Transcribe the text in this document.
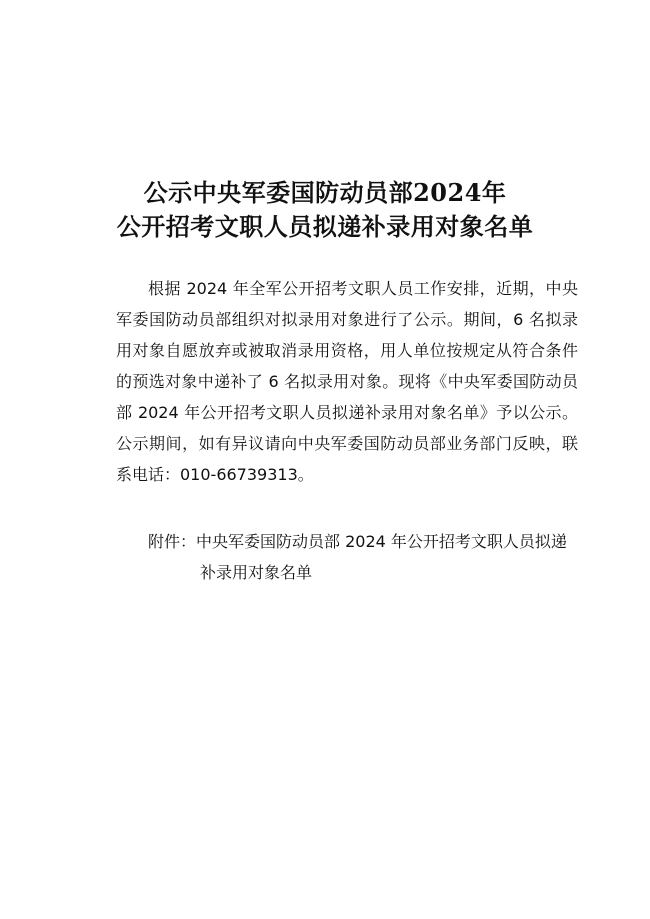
公示中央军委国防动员部2024年
公开招考文职人员拟递补录用对象名单

根据 2024 年全军公开招考文职人员工作安排，近期，中央军委国防动员部组织对拟录用对象进行了公示。期间，6 名拟录用对象自愿放弃或被取消录用资格，用人单位按规定从符合条件的预选对象中递补了 6 名拟录用对象。现将《中央军委国防动员部 2024 年公开招考文职人员拟递补录用对象名单》予以公示。公示期间，如有异议请向中央军委国防动员部业务部门反映，联系电话：010-66739313。

附件：中央军委国防动员部 2024 年公开招考文职人员拟递补录用对象名单
